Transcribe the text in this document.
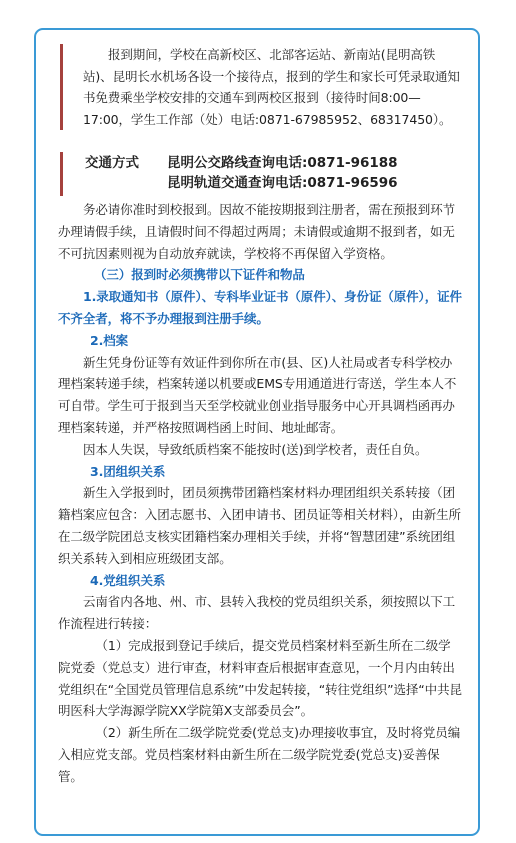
报到期间，学校在高新校区、北部客运站、新南站(昆明高铁站)、昆明长水机场各设一个接待点，报到的学生和家长可凭录取通知书免费乘坐学校安排的交通车到两校区报到（接待时间8:00—17:00，学生工作部（处）电话:0871-67985952、68317450）。

交通方式 昆明公交路线查询电话:0871-96188
昆明轨道交通查询电话:0871-96596

务必请你准时到校报到。因故不能按期报到注册者，需在预报到环节办理请假手续，且请假时间不得超过两周；未请假或逾期不报到者，如无不可抗因素则视为自动放弃就读，学校将不再保留入学资格。

（三）报到时必须携带以下证件和物品

1.录取通知书（原件）、专科毕业证书（原件）、身份证（原件），证件不齐全者，将不予办理报到注册手续。

2.档案

新生凭身份证等有效证件到你所在市(县、区)人社局或者专科学校办理档案转递手续，档案转递以机要或EMS专用通道进行寄送，学生本人不可自带。学生可于报到当天至学校就业创业指导服务中心开具调档函再办理档案转递，并严格按照调档函上时间、地址邮寄。

因本人失误，导致纸质档案不能按时(送)到学校者，责任自负。

3.团组织关系

新生入学报到时，团员须携带团籍档案材料办理团组织关系转接（团籍档案应包含：入团志愿书、入团申请书、团员证等相关材料），由新生所在二级学院团总支核实团籍档案办理相关手续，并将“智慧团建”系统团组织关系转入到相应班级团支部。

4.党组织关系

云南省内各地、州、市、县转入我校的党员组织关系，须按照以下工作流程进行转接：

（1）完成报到登记手续后，提交党员档案材料至新生所在二级学院党委（党总支）进行审查，材料审查后根据审查意见，一个月内由转出党组织在“全国党员管理信息系统”中发起转接，“转往党组织”选择“中共昆明医科大学海源学院XX学院第X支部委员会”。

（2）新生所在二级学院党委(党总支)办理接收事宜，及时将党员编入相应党支部。党员档案材料由新生所在二级学院党委(党总支)妥善保管。
